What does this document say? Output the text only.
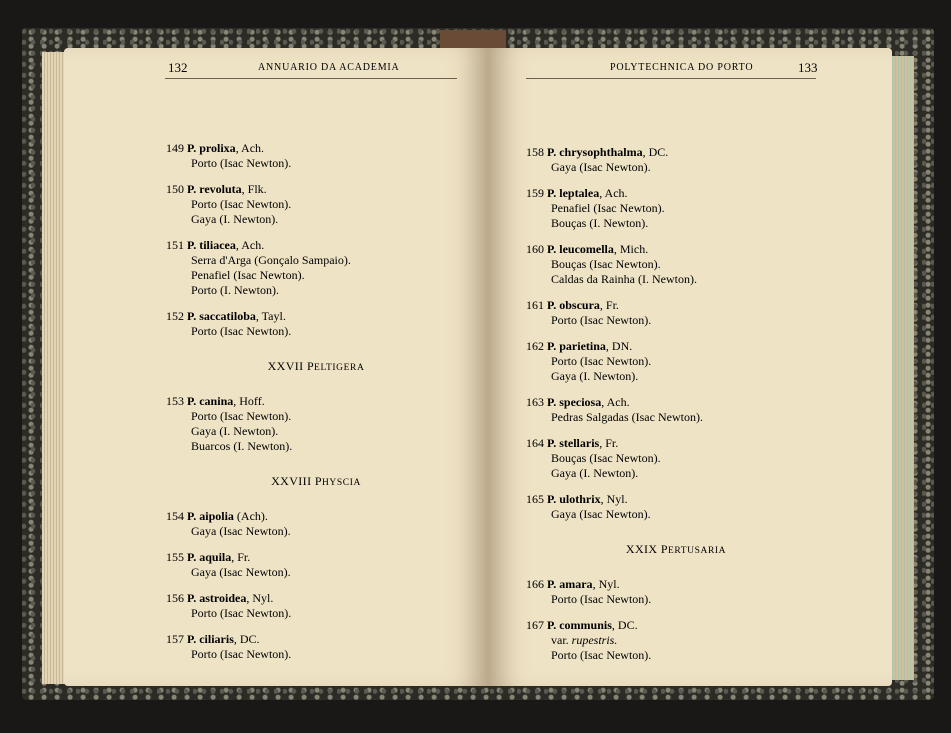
132	ANNUARIO DA ACADEMIA	POLYTECHNICA DO PORTO	133

149 P. prolixa, Ach.

Porto (Isac Newton).

150 P. revoluta, Flk.

Porto (Isac Newton).

Gaya (I. Newton).

151 P. tiliacea, Ach.

Serra d'Arga (Gonçalo Sampaio).

Penafiel (Isac Newton).

Porto (I. Newton).

152 P. saccatiloba, Tayl.

Porto (Isac Newton).

XXVII PELTIGERA

153 P. canina, Hoff.

Porto (Isac Newton).

Gaya (I. Newton).

Buarcos (I. Newton).

XXVIII PHYSCIA

154 P. aipolia (Ach).

Gaya (Isac Newton).

155 P. aquila, Fr.

Gaya (Isac Newton).

156 P. astroidea, Nyl.

Porto (Isac Newton).

157 P. ciliaris, DC.

Porto (Isac Newton).

158 P. chrysophthalma, DC.

Gaya (Isac Newton).

159 P. leptalea, Ach.

Penafiel (Isac Newton).

Bouças (I. Newton).

160 P. leucomella, Mich.

Bouças (Isac Newton).

Caldas da Rainha (I. Newton).

161 P. obscura, Fr.

Porto (Isac Newton).

162 P. parietina, DN.

Porto (Isac Newton).

Gaya (I. Newton).

163 P. speciosa, Ach.

Pedras Salgadas (Isac Newton).

164 P. stellaris, Fr.

Bouças (Isac Newton).

Gaya (I. Newton).

165 P. ulothrix, Nyl.

Gaya (Isac Newton).

XXIX PERTUSARIA

166 P. amara, Nyl.

Porto (Isac Newton).

167 P. communis, DC.

var. rupestris.

Porto (Isac Newton).
